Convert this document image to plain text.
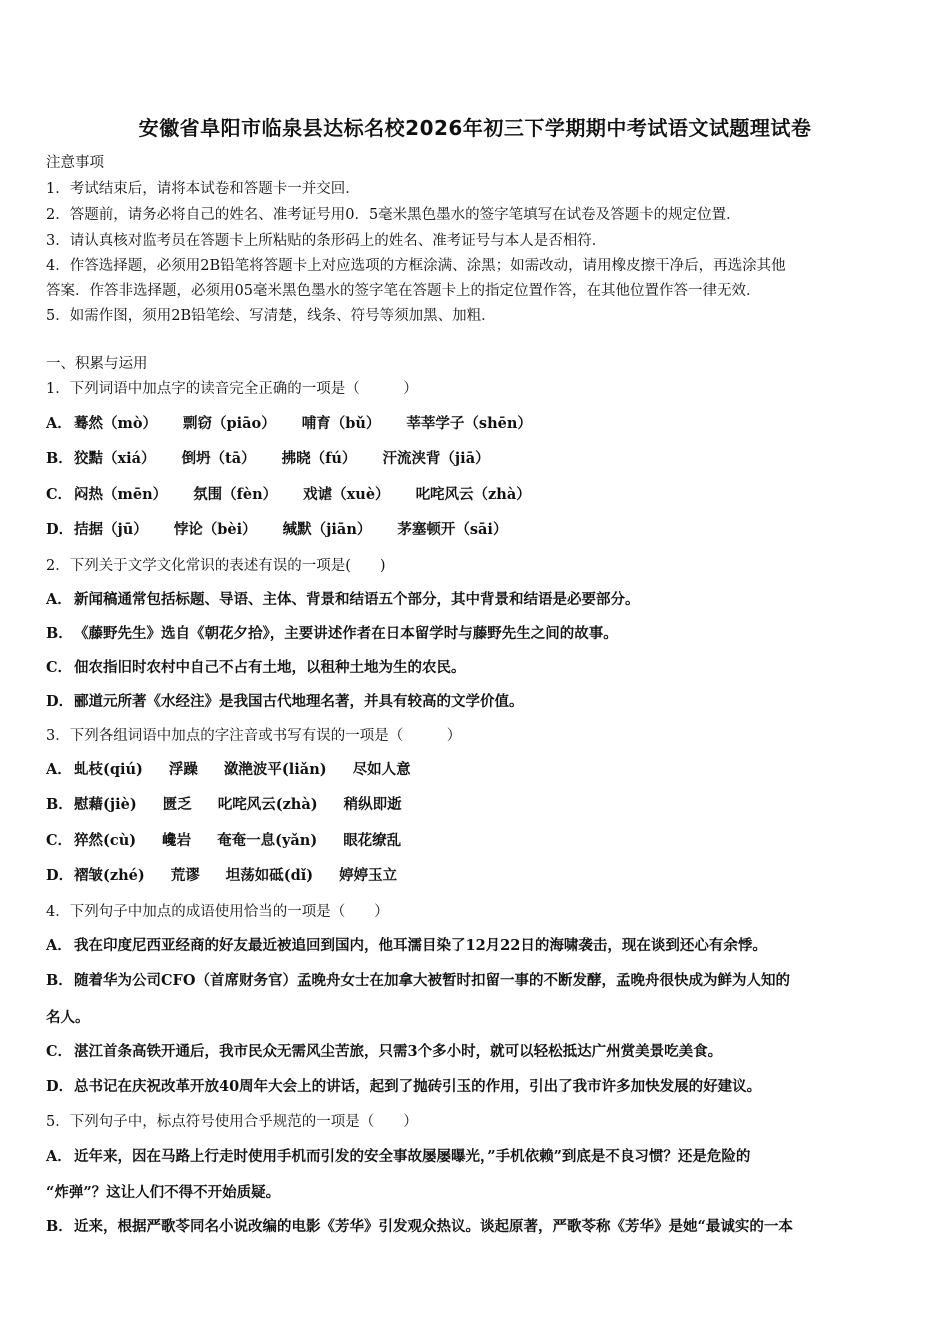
安徽省阜阳市临泉县达标名校2026年初三下学期期中考试语文试题理试卷
注意事项
1．考试结束后，请将本试卷和答题卡一并交回．
2．答题前，请务必将自己的姓名、准考证号用0．5毫米黑色墨水的签字笔填写在试卷及答题卡的规定位置．
3．请认真核对监考员在答题卡上所粘贴的条形码上的姓名、准考证号与本人是否相符．
4．作答选择题，必须用2B铅笔将答题卡上对应选项的方框涂满、涂黑；如需改动，请用橡皮擦干净后，再选涂其他
答案．作答非选择题，必须用05毫米黑色墨水的签字笔在答题卡上的指定位置作答，在其他位置作答一律无效．
5．如需作图，须用2B铅笔绘、写清楚，线条、符号等须加黑、加粗．
一、积累与运用
1．下列词语中加点字的读音完全正确的一项是（　　　）
A． 蓦然（mò） 剽窃（piāo） 哺育（bǔ） 莘莘学子（shēn）
B．狡黠（xiá） 倒坍（tā） 拂晓（fú） 汗流浃背（jiā）
C． 闷热（mēn） 氛围（fèn） 戏谑（xuè） 叱咤风云（zhà）
D．拮据（jū） 悖论（bèi） 缄默（jiān） 茅塞顿开（sāi）
2．下列关于文学文化常识的表述有误的一项是(　　)
A． 新闻稿通常包括标题、导语、主体、背景和结语五个部分，其中背景和结语是必要部分。
B．《藤野先生》选自《朝花夕拾》，主要讲述作者在日本留学时与藤野先生之间的故事。
C． 佃农指旧时农村中自己不占有土地，以租种土地为生的农民。
D．郦道元所著《水经注》是我国古代地理名著，并具有较高的文学价值。
3．下列各组词语中加点的字注音或书写有误的一项是（　　　）
A． 虬枝(qiú) 浮躁 潋滟波平(liǎn) 尽如人意
B．慰藉(jiè) 匮乏 叱咤风云(zhà) 稍纵即逝
C． 猝然(cù) 巉岩 奄奄一息(yǎn) 眼花缭乱
D．褶皱(zhé) 荒谬 坦荡如砥(dǐ) 婷婷玉立
4．下列句子中加点的成语使用恰当的一项是（　　）
A． 我在印度尼西亚经商的好友最近被追回到国内，他耳濡目染了12月22日的海啸袭击，现在谈到还心有余悸。
B．随着华为公司CFO（首席财务官）孟晚舟女士在加拿大被暂时扣留一事的不断发酵，孟晚舟很快成为鲜为人知的
名人。
C． 湛江首条高铁开通后，我市民众无需风尘苦旅，只需3个多小时，就可以轻松抵达广州赏美景吃美食。
D．总书记在庆祝改革开放40周年大会上的讲话，起到了抛砖引玉的作用，引出了我市许多加快发展的好建议。
5．下列句子中，标点符号使用合乎规范的一项是（　　）
A． 近年来，因在马路上行走时使用手机而引发的安全事故屡屡曝光，”手机依赖”到底是不良习惯？还是危险的
“炸弹”？这让人们不得不开始质疑。
B．近来，根据严歌苓同名小说改编的电影《芳华》引发观众热议。谈起原著，严歌苓称《芳华》是她“最诚实的一本
